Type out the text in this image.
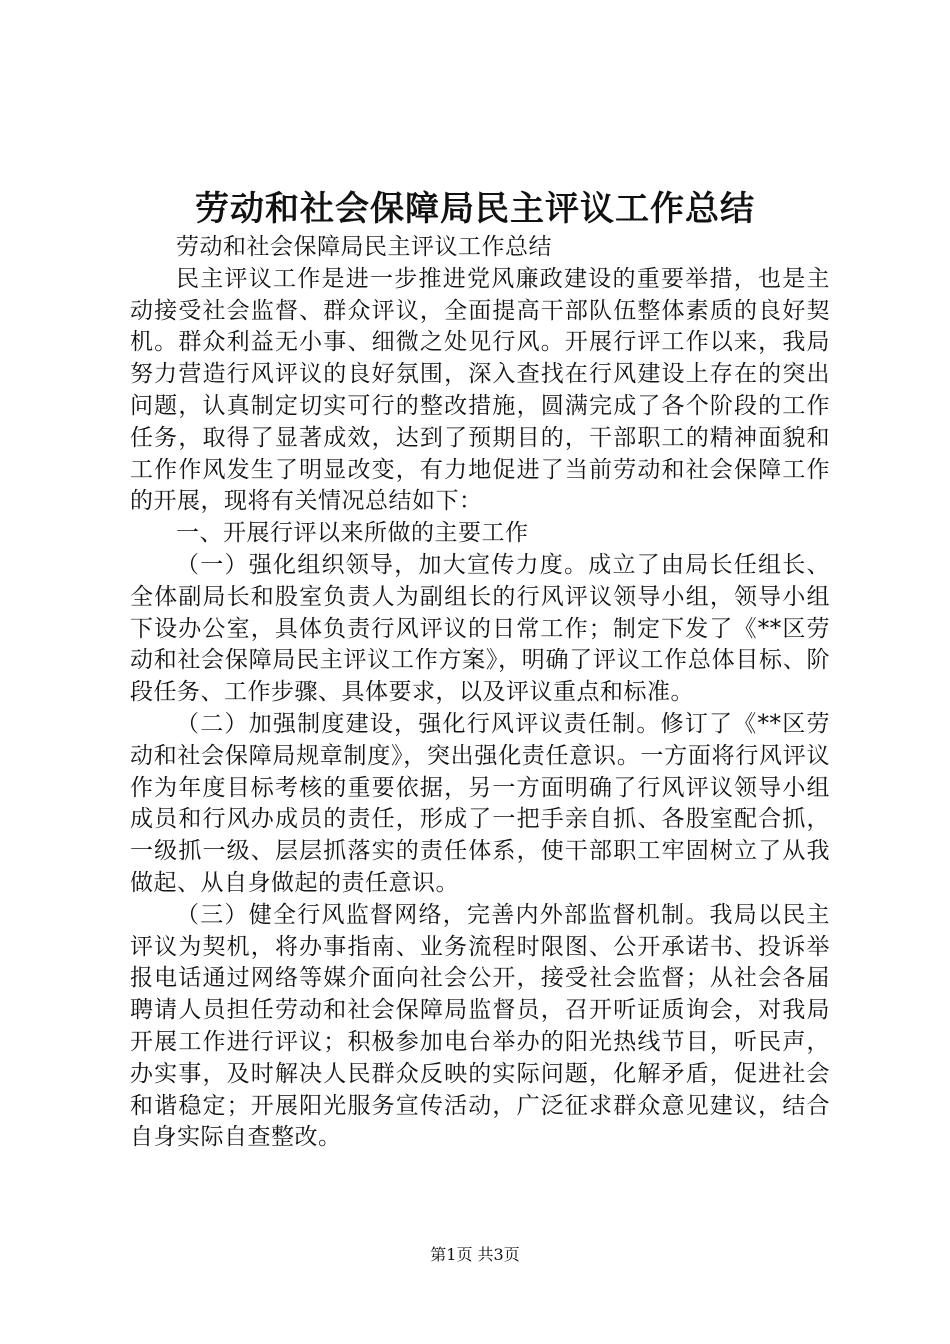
劳动和社会保障局民主评议工作总结

劳动和社会保障局民主评议工作总结

民主评议工作是进一步推进党风廉政建设的重要举措，也是主动接受社会监督、群众评议，全面提高干部队伍整体素质的良好契机。群众利益无小事、细微之处见行风。开展行评工作以来，我局努力营造行风评议的良好氛围，深入查找在行风建设上存在的突出问题，认真制定切实可行的整改措施，圆满完成了各个阶段的工作任务，取得了显著成效，达到了预期目的，干部职工的精神面貌和工作作风发生了明显改变，有力地促进了当前劳动和社会保障工作的开展，现将有关情况总结如下：

一、开展行评以来所做的主要工作

（一）强化组织领导，加大宣传力度。成立了由局长任组长、全体副局长和股室负责人为副组长的行风评议领导小组，领导小组下设办公室，具体负责行风评议的日常工作；制定下发了《**区劳动和社会保障局民主评议工作方案》，明确了评议工作总体目标、阶段任务、工作步骤、具体要求，以及评议重点和标准。

（二）加强制度建设，强化行风评议责任制。修订了《**区劳动和社会保障局规章制度》，突出强化责任意识。一方面将行风评议作为年度目标考核的重要依据，另一方面明确了行风评议领导小组成员和行风办成员的责任，形成了一把手亲自抓、各股室配合抓，一级抓一级、层层抓落实的责任体系，使干部职工牢固树立了从我做起、从自身做起的责任意识。

（三）健全行风监督网络，完善内外部监督机制。我局以民主评议为契机，将办事指南、业务流程时限图、公开承诺书、投诉举报电话通过网络等媒介面向社会公开，接受社会监督；从社会各届聘请人员担任劳动和社会保障局监督员，召开听证质询会，对我局开展工作进行评议；积极参加电台举办的阳光热线节目，听民声，办实事，及时解决人民群众反映的实际问题，化解矛盾，促进社会和谐稳定；开展阳光服务宣传活动，广泛征求群众意见建议，结合自身实际自查整改。

第1页 共3页
